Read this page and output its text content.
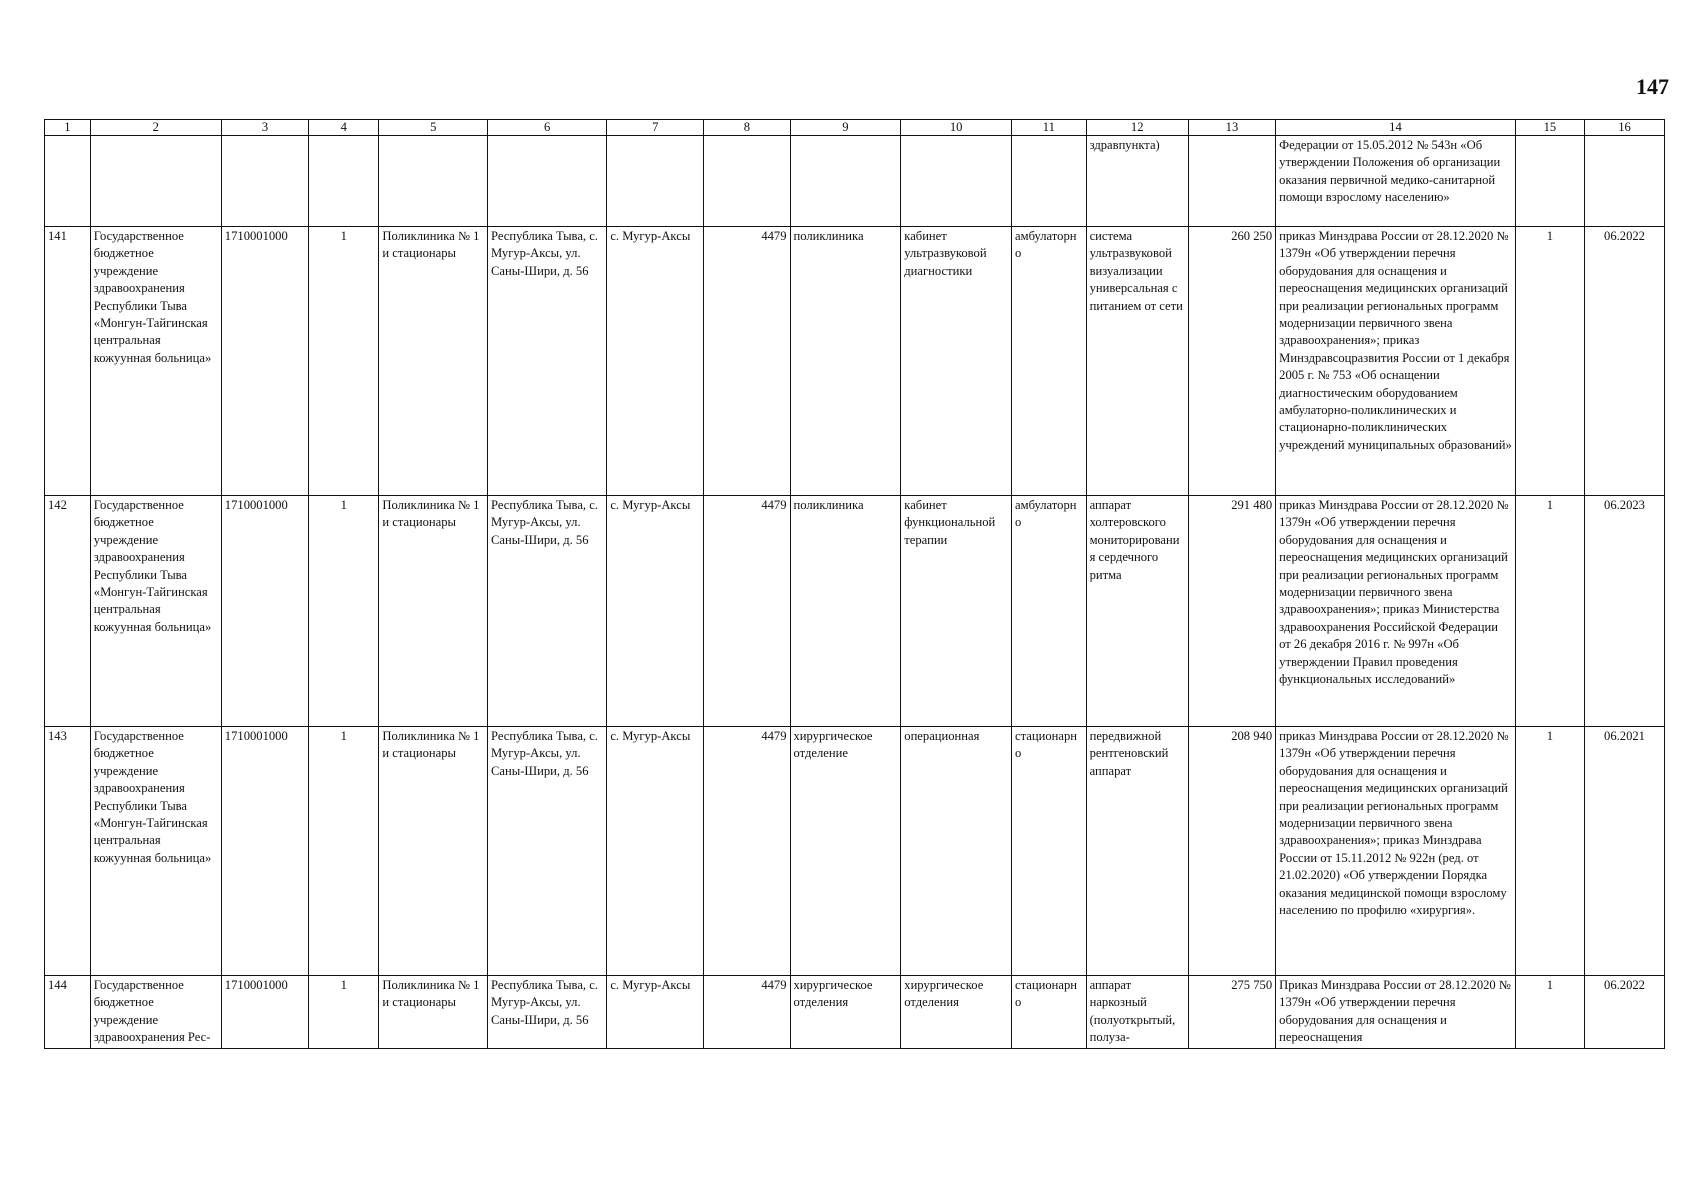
147
1	2	3	4	5	6	7	8	9	10	11	12	13	14	15	16
											здравпункта)		Федерации от 15.05.2012 № 543н «Об утверждении Положения об организации оказания первичной медико-санитарной помощи взрослому населению»		
141	Государственное бюджетное учреждение здравоохранения Республики Тыва «Монгун-Тайгинская центральная кожуунная больница»	1710001000	1	Поликлиника № 1 и стационары	Республика Тыва, с. Мугур-Аксы, ул. Саны-Шири, д. 56	с. Мугур-Аксы	4479	поликлиника	кабинет ультразвуковой диагностики	амбулаторно	система ультразвуковой визуализации универсальная с питанием от сети	260 250	приказ Минздрава России от 28.12.2020 № 1379н «Об утверждении перечня оборудования для оснащения и переоснащения медицинских организаций при реализации региональных программ модернизации первичного звена здравоохранения»; приказ Минздравсоцразвития России от 1 декабря 2005 г. № 753 «Об оснащении диагностическим оборудованием амбулаторно-поликлинических и стационарно-поликлинических учреждений муниципальных образований»	1	06.2022
142	Государственное бюджетное учреждение здравоохранения Республики Тыва «Монгун-Тайгинская центральная кожуунная больница»	1710001000	1	Поликлиника № 1 и стационары	Республика Тыва, с. Мугур-Аксы, ул. Саны-Шири, д. 56	с. Мугур-Аксы	4479	поликлиника	кабинет функциональной терапии	амбулаторно	аппарат холтеровского мониторирования сердечного ритма	291 480	приказ Минздрава России от 28.12.2020 № 1379н «Об утверждении перечня оборудования для оснащения и переоснащения медицинских организаций при реализации региональных программ модернизации первичного звена здравоохранения»; приказ Министерства здравоохранения Российской Федерации от 26 декабря 2016 г. № 997н «Об утверждении Правил проведения функциональных исследований»	1	06.2023
143	Государственное бюджетное учреждение здравоохранения Республики Тыва «Монгун-Тайгинская центральная кожуунная больница»	1710001000	1	Поликлиника № 1 и стационары	Республика Тыва, с. Мугур-Аксы, ул. Саны-Шири, д. 56	с. Мугур-Аксы	4479	хирургическое отделение	операционная	стационарно	передвижной рентгеновский аппарат	208 940	приказ Минздрава России от 28.12.2020 № 1379н «Об утверждении перечня оборудования для оснащения и переоснащения медицинских организаций при реализации региональных программ модернизации первичного звена здравоохранения»; приказ Минздрава России от 15.11.2012 № 922н (ред. от 21.02.2020) «Об утверждении Порядка оказания медицинской помощи взрослому населению по профилю «хирургия».	1	06.2021
144	Государственное бюджетное учреждение здравоохранения Рес-	1710001000	1	Поликлиника № 1 и стационары	Республика Тыва, с. Мугур-Аксы, ул. Саны-Шири, д. 56	с. Мугур-Аксы	4479	хирургическое отделения	хирургическое отделения	стационарно	аппарат наркозный (полуоткрытый, полуза-	275 750	Приказ Минздрава России от 28.12.2020 № 1379н «Об утверждении перечня оборудования для оснащения и переоснащения	1	06.2022
